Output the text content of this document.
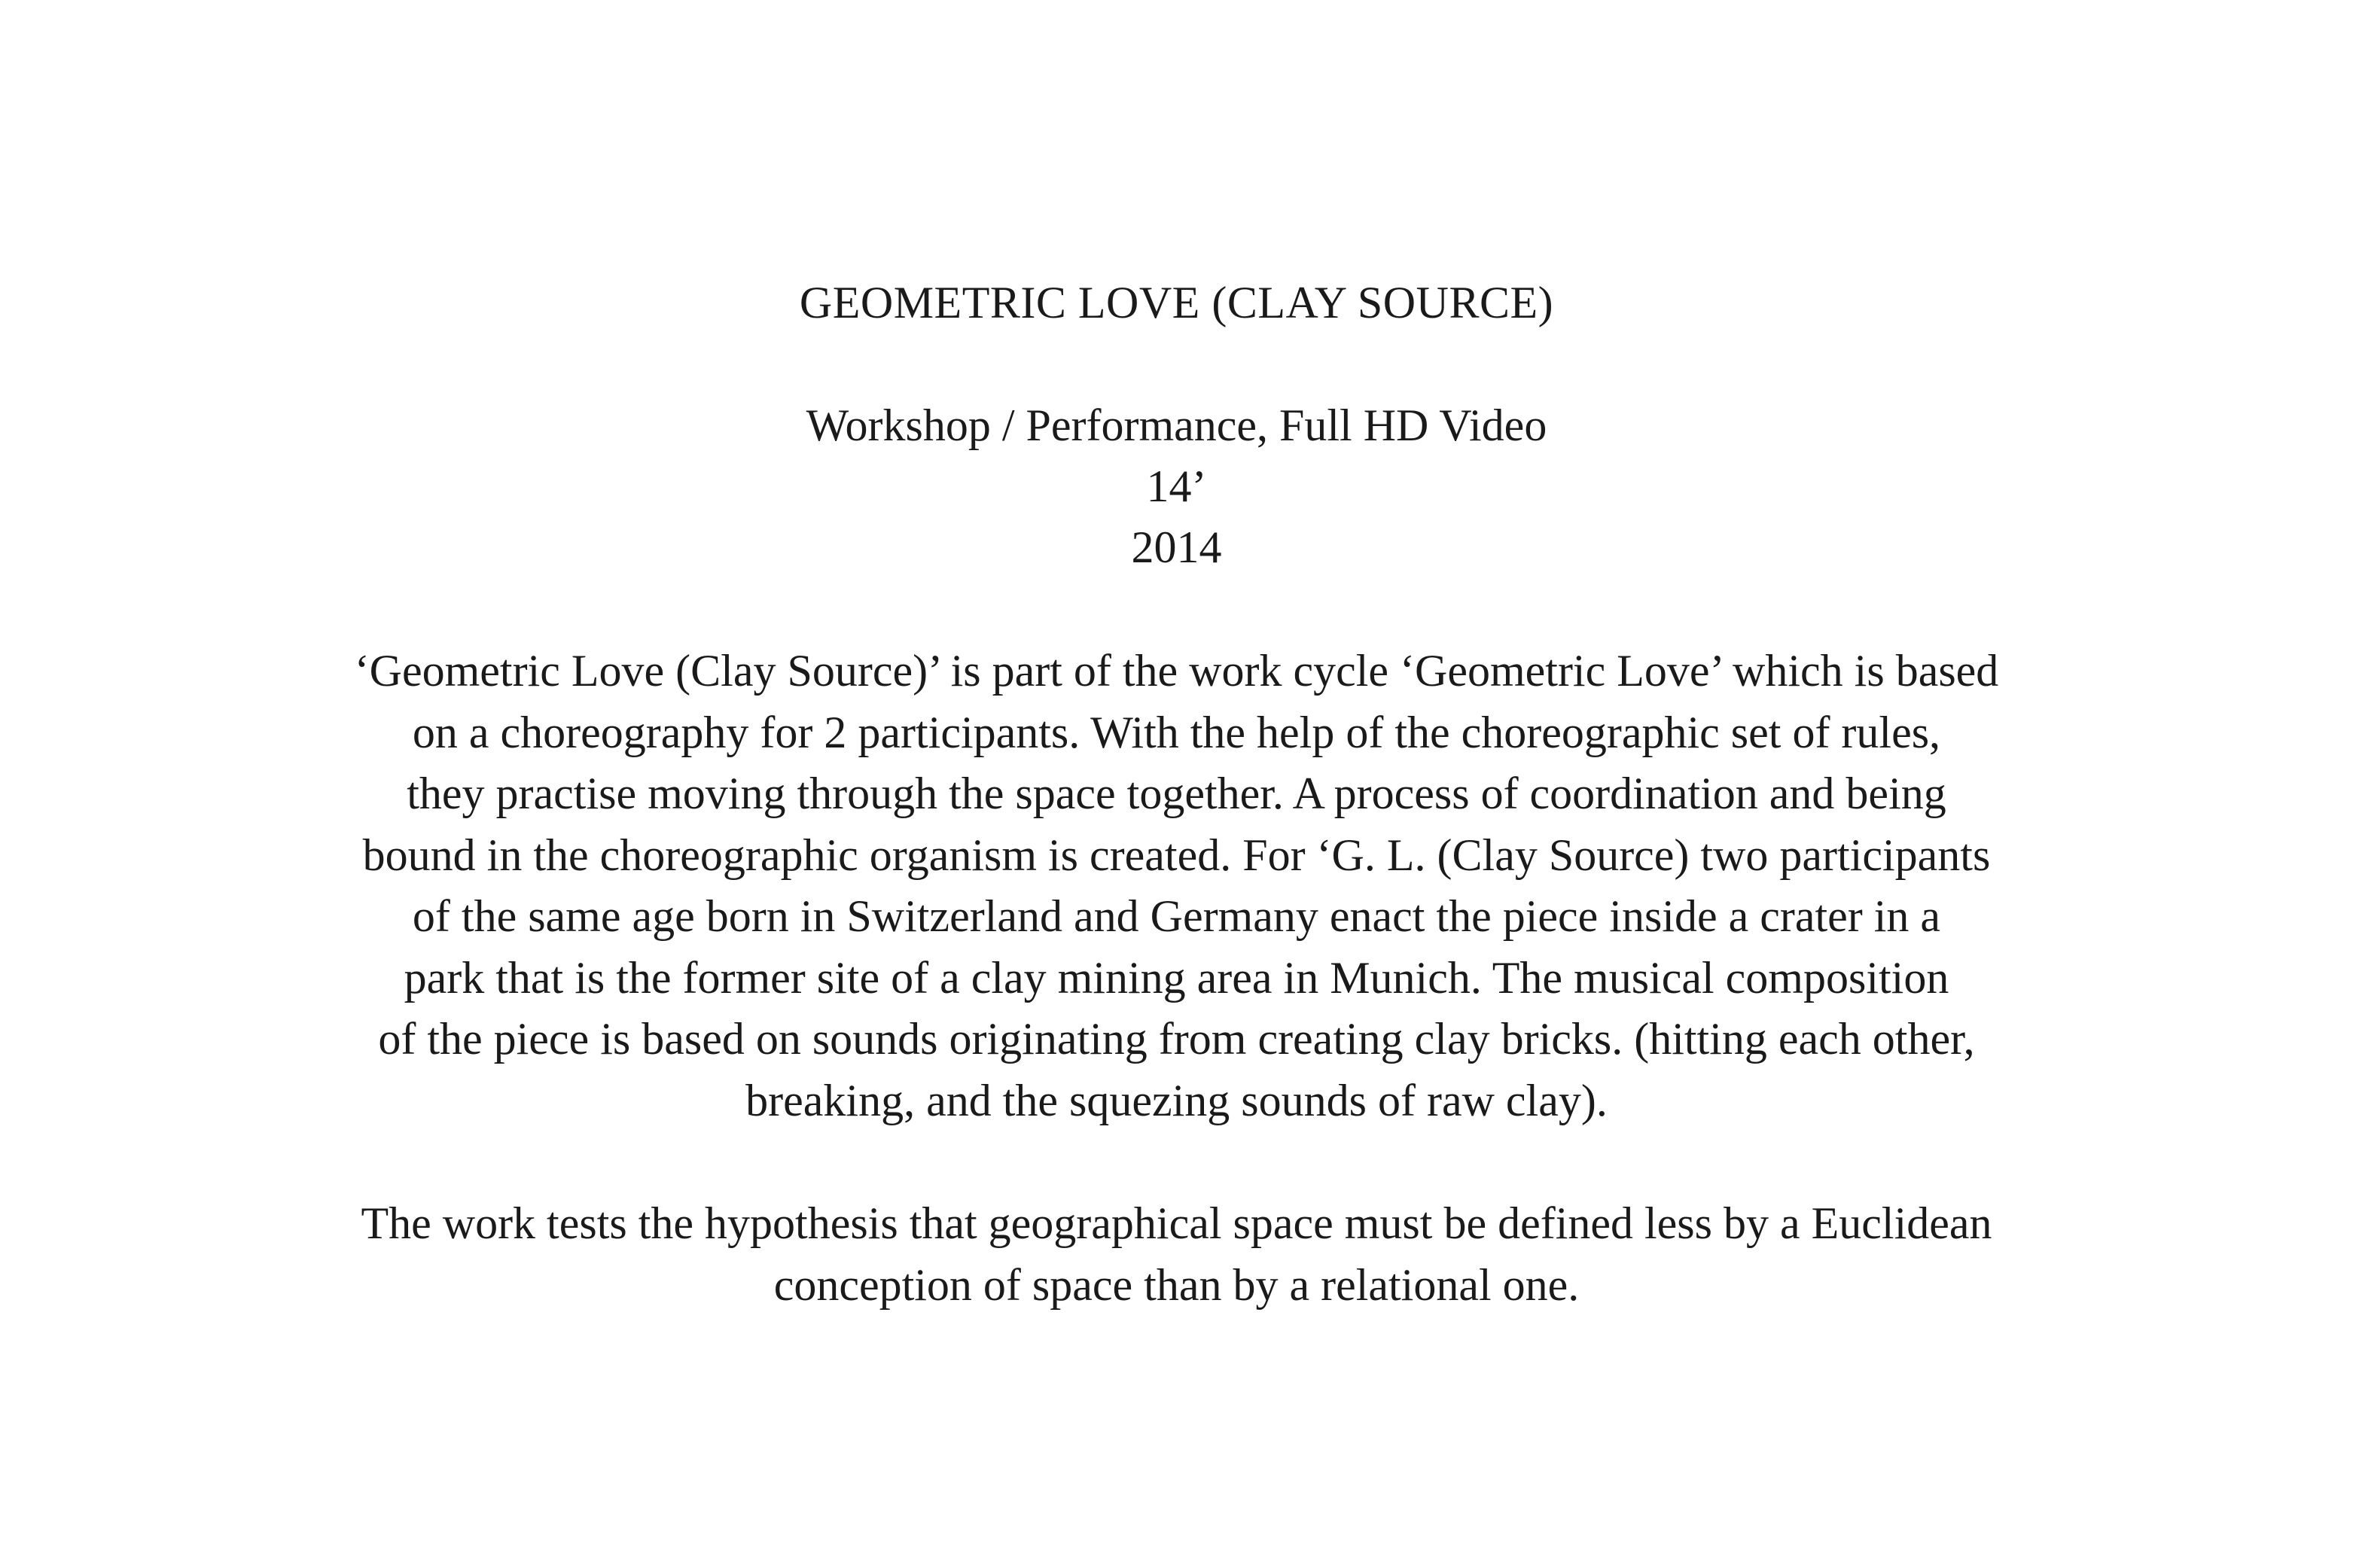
GEOMETRIC LOVE (CLAY SOURCE)
Workshop / Performance, Full HD Video
14’
2014
‘Geometric Love (Clay Source)’ is part of the work cycle ‘Geometric Love’ which is based
on a choreography for 2 participants. With the help of the choreographic set of rules,
they practise moving through the space together. A process of coordination and being
bound in the choreographic organism is created. For ‘G. L. (Clay Source) two participants
of the same age born in Switzerland and Germany enact the piece inside a crater in a
park that is the former site of a clay mining area in Munich. The musical composition
of the piece is based on sounds originating from creating clay bricks. (hitting each other,
breaking, and the squezing sounds of raw clay).
The work tests the hypothesis that geographical space must be defined less by a Euclidean
conception of space than by a relational one.
